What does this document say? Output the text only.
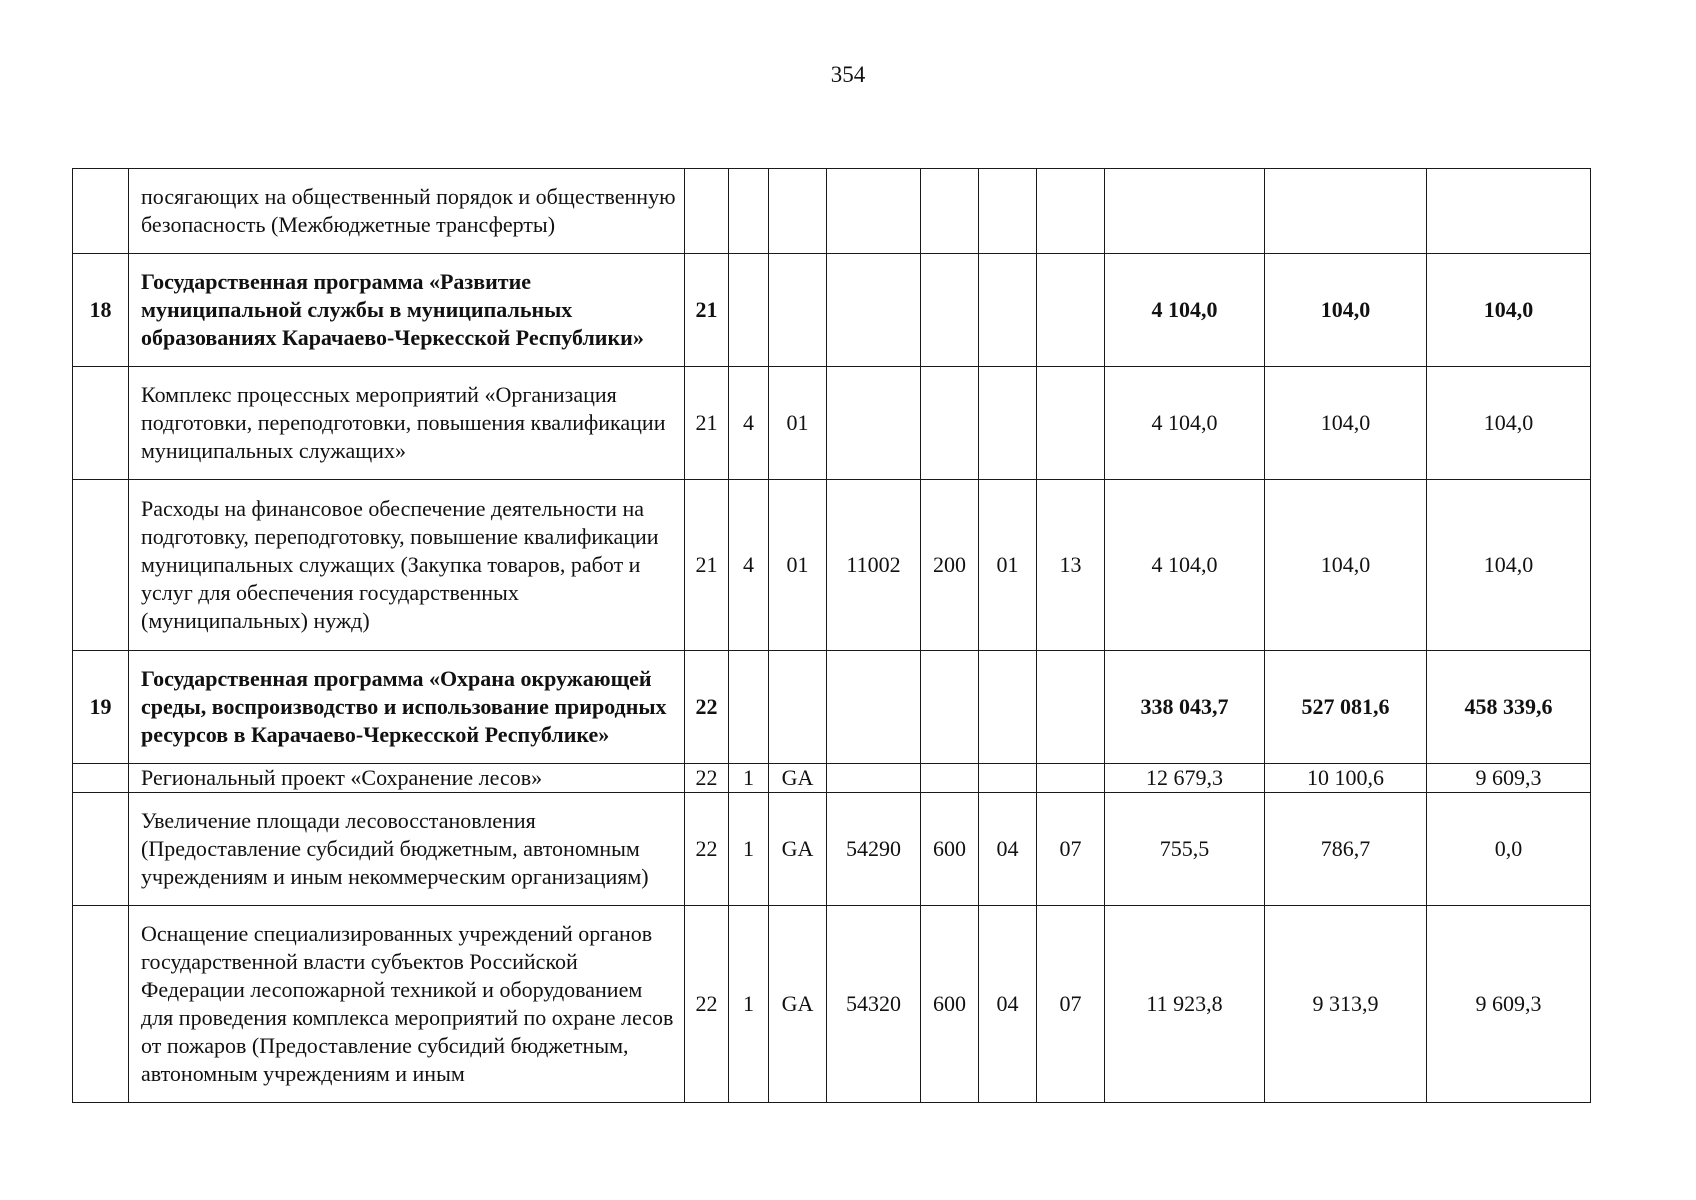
354
	посягающих на общественный порядок и общественную безопасность (Межбюджетные трансферты)										
18	Государственная программа «Развитие муниципальной службы в муниципальных образованиях Карачаево-Черкесской Республики»	21							4 104,0	104,0	104,0
	Комплекс процессных мероприятий «Организация подготовки, переподготовки, повышения квалификации муниципальных служащих»	21	4	01					4 104,0	104,0	104,0
	Расходы на финансовое обеспечение деятельности на подготовку, переподготовку, повышение квалификации муниципальных служащих (Закупка товаров, работ и услуг для обеспечения государственных (муниципальных) нужд)	21	4	01	11002	200	01	13	4 104,0	104,0	104,0
19	Государственная программа «Охрана окружающей среды, воспроизводство и использование природных ресурсов в Карачаево-Черкесской Республике»	22							338 043,7	527 081,6	458 339,6
	Региональный проект «Сохранение лесов»	22	1	GA					12 679,3	10 100,6	9 609,3
	Увеличение площади лесовосстановления (Предоставление субсидий бюджетным, автономным учреждениям и иным некоммерческим организациям)	22	1	GA	54290	600	04	07	755,5	786,7	0,0
	Оснащение специализированных учреждений органов государственной власти субъектов Российской Федерации лесопожарной техникой и оборудованием для проведения комплекса мероприятий по охране лесов от пожаров (Предоставление субсидий бюджетным, автономным учреждениям и иным	22	1	GA	54320	600	04	07	11 923,8	9 313,9	9 609,3
